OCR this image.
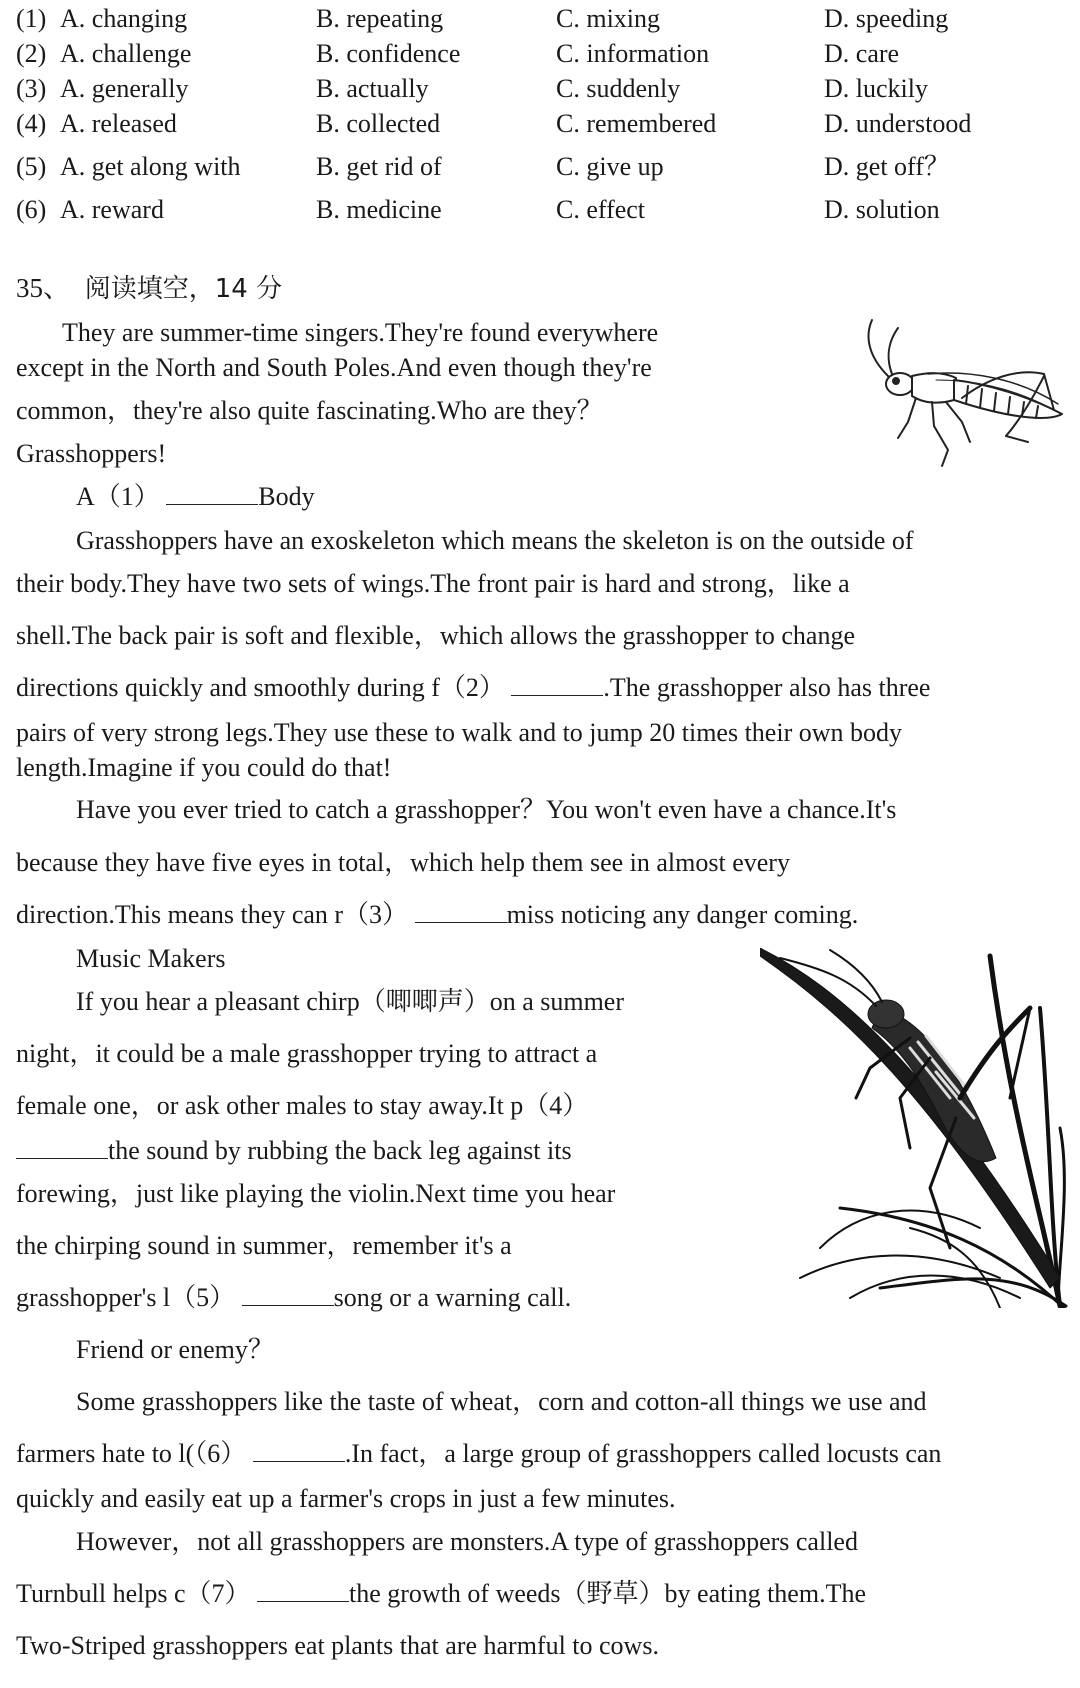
(1) A. changing	B. repeating	C. mixing	D. speeding
(2) A. challenge	B. confidence	C. information	D. care
(3) A. generally	B. actually	C. suddenly	D. luckily
(4) A. released	B. collected	C. remembered	D. understood
(5) A. get along with	B. get rid of	C. give up	D. get off？
(6) A. reward	B. medicine	C. effect	D. solution
35、 阅读填空，14 分
They are summer-time singers.They're found everywhere
except in the North and South Poles.And even though they're
common，they're also quite fascinating.Who are they？
Grasshoppers!
A（1）	Body
Grasshoppers have an exoskeleton which means the skeleton is on the outside of
their body.They have two sets of wings.The front pair is hard and strong，like a
shell.The back pair is soft and flexible，which allows the grasshopper to change
directions quickly and smoothly during f（2）	.The grasshopper also has three
pairs of very strong legs.They use these to walk and to jump 20 times their own body
length.Imagine if you could do that!
Have you ever tried to catch a grasshopper？You won't even have a chance.It's
because they have five eyes in total，which help them see in almost every
direction.This means they can r（3）	miss noticing any danger coming.
Music Makers
If you hear a pleasant chirp（唧唧声）on a summer
night，it could be a male grasshopper trying to attract a
female one，or ask other males to stay away.It p（4）
the sound by rubbing the back leg against its
forewing，just like playing the violin.Next time you hear
the chirping sound in summer，remember it's a
grasshopper's l（5）	song or a warning call.
Friend or enemy？
Some grasshoppers like the taste of wheat，corn and cotton-all things we use and
farmers hate to l(（6）	.In fact，a large group of grasshoppers called locusts can
quickly and easily eat up a farmer's crops in just a few minutes.
However，not all grasshoppers are monsters.A type of grasshoppers called
Turnbull helps c（7）	the growth of weeds（野草）by eating them.The
Two-Striped grasshoppers eat plants that are harmful to cows.
